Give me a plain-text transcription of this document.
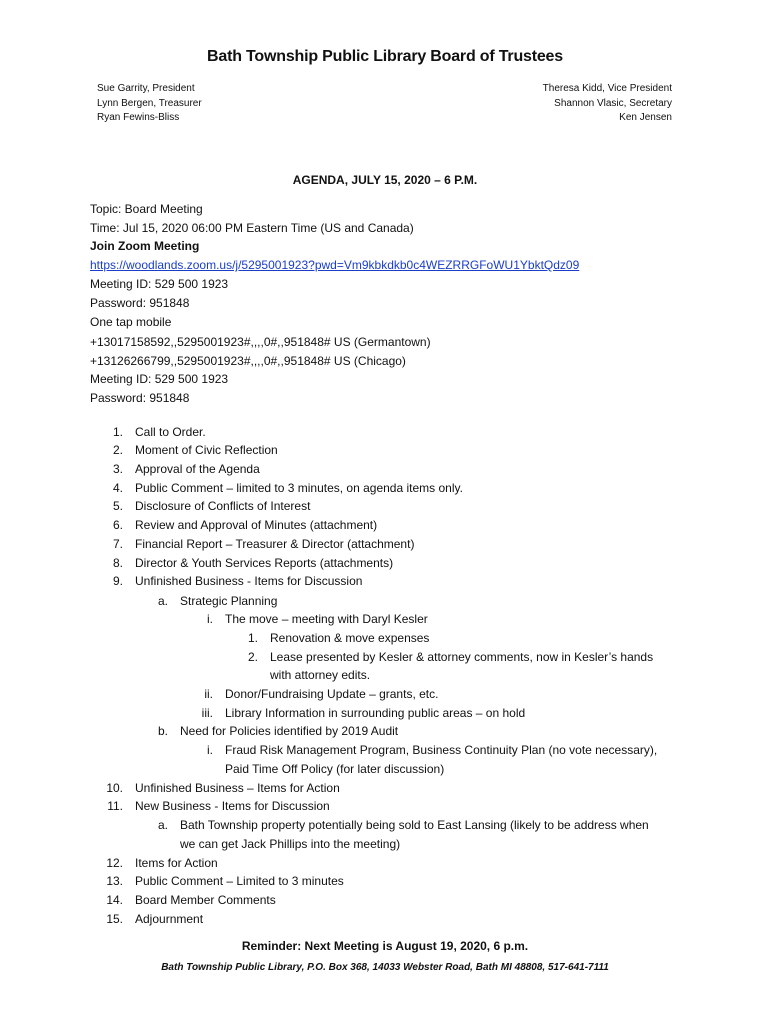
Bath Township Public Library Board of Trustees
Sue Garrity, President
Lynn Bergen, Treasurer
Ryan Fewins-Bliss
Theresa Kidd, Vice President
Shannon Vlasic, Secretary
Ken Jensen
AGENDA, JULY 15, 2020 – 6 P.M.
Topic: Board Meeting
Time: Jul 15, 2020 06:00 PM Eastern Time (US and Canada)
Join Zoom Meeting
https://woodlands.zoom.us/j/5295001923?pwd=Vm9kbkdkb0c4WEZRRGFoWU1YbktQdz09
Meeting ID: 529 500 1923
Password: 951848
One tap mobile
+13017158592,,5295001923#,,,,0#,,951848# US (Germantown)
+13126266799,,5295001923#,,,,0#,,951848# US (Chicago)
Meeting ID: 529 500 1923
Password: 951848
1. Call to Order.
2. Moment of Civic Reflection
3. Approval of the Agenda
4. Public Comment – limited to 3 minutes, on agenda items only.
5. Disclosure of Conflicts of Interest
6. Review and Approval of Minutes (attachment)
7. Financial Report – Treasurer & Director (attachment)
8. Director & Youth Services Reports (attachments)
9. Unfinished Business - Items for Discussion
a. Strategic Planning
i. The move – meeting with Daryl Kesler
1. Renovation & move expenses
2. Lease presented by Kesler & attorney comments, now in Kesler’s hands
with attorney edits.
ii. Donor/Fundraising Update – grants, etc.
iii. Library Information in surrounding public areas – on hold
b. Need for Policies identified by 2019 Audit
i. Fraud Risk Management Program, Business Continuity Plan (no vote necessary),
Paid Time Off Policy (for later discussion)
10. Unfinished Business – Items for Action
11. New Business - Items for Discussion
a. Bath Township property potentially being sold to East Lansing (likely to be address when
we can get Jack Phillips into the meeting)
12. Items for Action
13. Public Comment – Limited to 3 minutes
14. Board Member Comments
15. Adjournment
Reminder: Next Meeting is August 19, 2020, 6 p.m.
Bath Township Public Library, P.O. Box 368, 14033 Webster Road, Bath MI 48808, 517-641-7111
